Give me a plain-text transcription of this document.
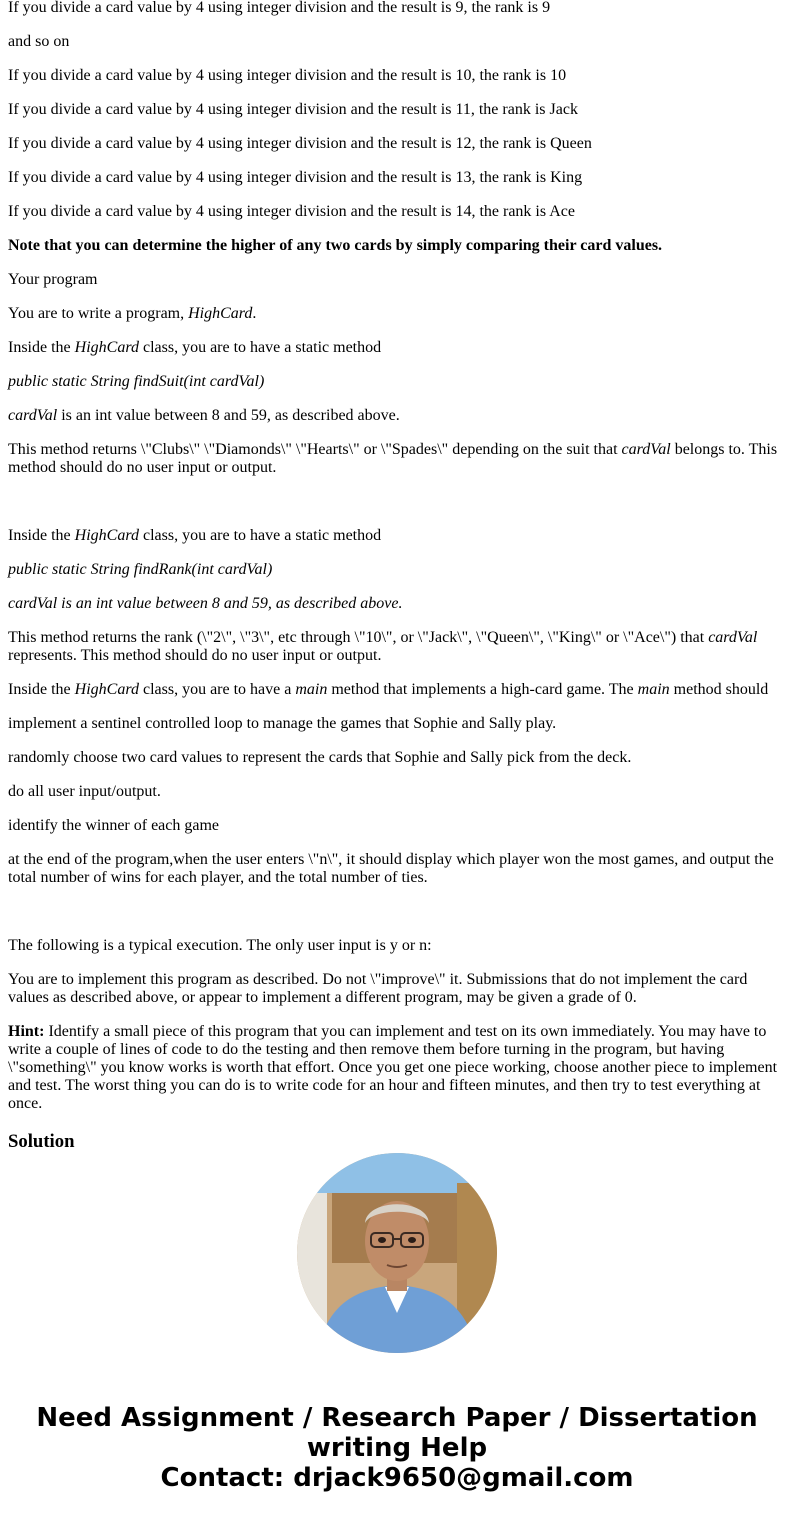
If you divide a card value by 4 using integer division and the result is 9, the rank is 9

and so on

If you divide a card value by 4 using integer division and the result is 10, the rank is 10

If you divide a card value by 4 using integer division and the result is 11, the rank is Jack

If you divide a card value by 4 using integer division and the result is 12, the rank is Queen

If you divide a card value by 4 using integer division and the result is 13, the rank is King

If you divide a card value by 4 using integer division and the result is 14, the rank is Ace

Note that you can determine the higher of any two cards by simply comparing their card values.

Your program

You are to write a program, HighCard.

Inside the HighCard class, you are to have a static method

public static String findSuit(int cardVal)

cardVal is an int value between 8 and 59, as described above.

This method returns \"Clubs\" \"Diamonds\" \"Hearts\" or \"Spades\" depending on the suit that cardVal belongs to. This method should do no user input or output.

Inside the HighCard class, you are to have a static method

public static String findRank(int cardVal)

cardVal is an int value between 8 and 59, as described above.

This method returns the rank (\"2\", \"3\", etc through \"10\", or \"Jack\", \"Queen\", \"King\" or \"Ace\") that cardVal represents. This method should do no user input or output.

Inside the HighCard class, you are to have a main method that implements a high-card game. The main method should

implement a sentinel controlled loop to manage the games that Sophie and Sally play.

randomly choose two card values to represent the cards that Sophie and Sally pick from the deck.

do all user input/output.

identify the winner of each game

at the end of the program,when the user enters \"n\", it should display which player won the most games, and output the total number of wins for each player, and the total number of ties.

The following is a typical execution. The only user input is y or n:

You are to implement this program as described. Do not \"improve\" it. Submissions that do not implement the card values as described above, or appear to implement a different program, may be given a grade of 0.

Hint: Identify a small piece of this program that you can implement and test on its own immediately. You may have to write a couple of lines of code to do the testing and then remove them before turning in the program, but having \"something\" you know works is worth that effort. Once you get one piece working, choose another piece to implement and test. The worst thing you can do is to write code for an hour and fifteen minutes, and then try to test everything at once.

Solution
Need Assignment / Research Paper / Dissertation writing Help
Contact: drjack9650@gmail.com
